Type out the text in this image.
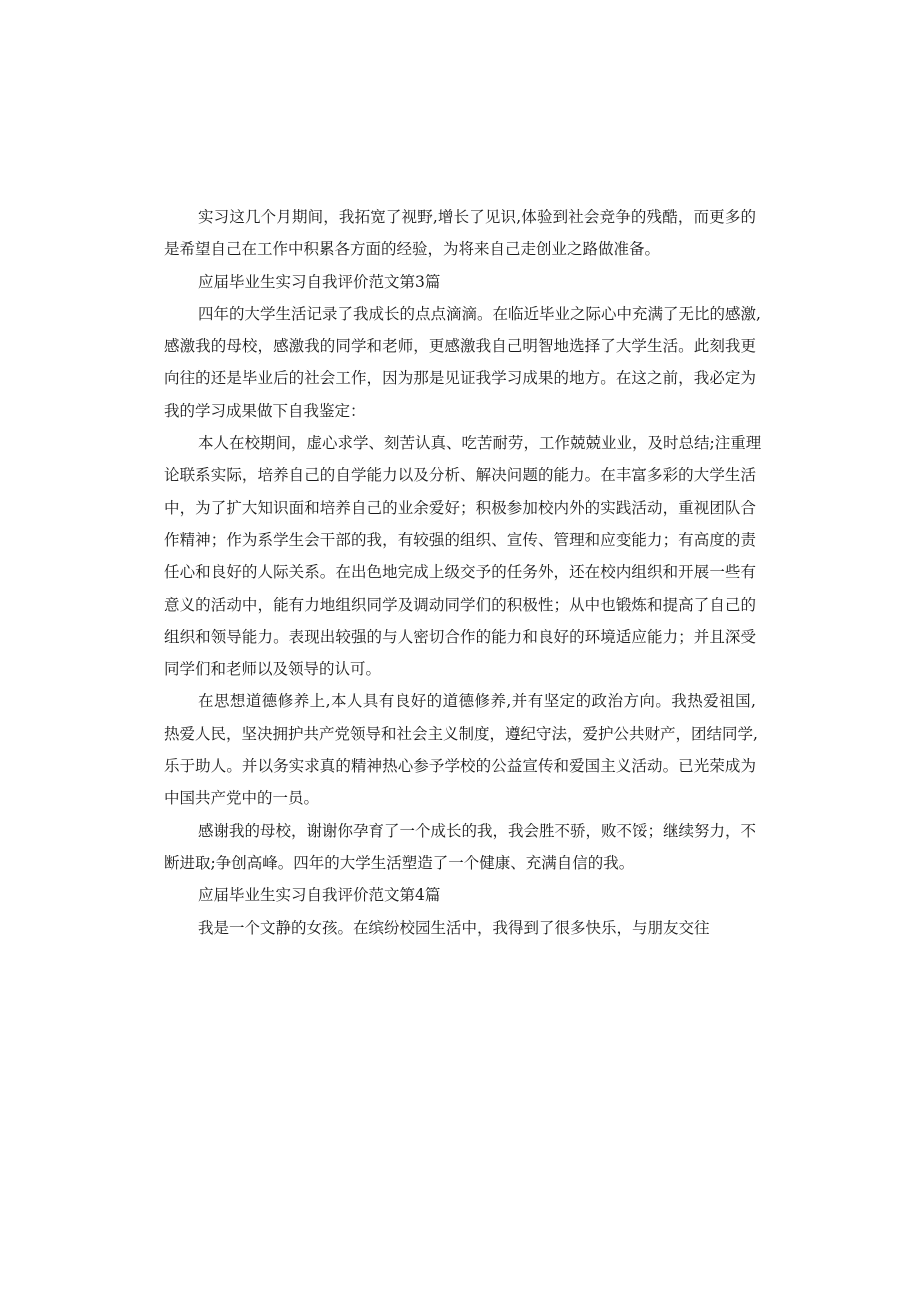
实习这几个月期间，我拓宽了视野,增长了见识,体验到社会竞争的残酷，而更多的
是希望自己在工作中积累各方面的经验，为将来自己走创业之路做准备。
应届毕业生实习自我评价范文第3篇
四年的大学生活记录了我成长的点点滴滴。在临近毕业之际心中充满了无比的感激,
感激我的母校，感激我的同学和老师，更感激我自己明智地选择了大学生活。此刻我更
向往的还是毕业后的社会工作，因为那是见证我学习成果的地方。在这之前，我必定为
我的学习成果做下自我鉴定：
本人在校期间，虚心求学、刻苦认真、吃苦耐劳，工作兢兢业业，及时总结;注重理
论联系实际，培养自己的自学能力以及分析、解决问题的能力。在丰富多彩的大学生活
中，为了扩大知识面和培养自己的业余爱好；积极参加校内外的实践活动，重视团队合
作精神；作为系学生会干部的我，有较强的组织、宣传、管理和应变能力；有高度的责
任心和良好的人际关系。在出色地完成上级交予的任务外，还在校内组织和开展一些有
意义的活动中，能有力地组织同学及调动同学们的积极性；从中也锻炼和提高了自己的
组织和领导能力。表现出较强的与人密切合作的能力和良好的环境适应能力；并且深受
同学们和老师以及领导的认可。
在思想道德修养上,本人具有良好的道德修养,并有坚定的政治方向。我热爱祖国,
热爱人民，坚决拥护共产党领导和社会主义制度，遵纪守法，爱护公共财产，团结同学,
乐于助人。并以务实求真的精神热心参予学校的公益宣传和爱国主义活动。已光荣成为
中国共产党中的一员。
感谢我的母校，谢谢你孕育了一个成长的我，我会胜不骄，败不馁；继续努力，不
断进取;争创高峰。四年的大学生活塑造了一个健康、充满自信的我。
应届毕业生实习自我评价范文第4篇
我是一个文静的女孩。在缤纷校园生活中，我得到了很多快乐，与朋友交往
